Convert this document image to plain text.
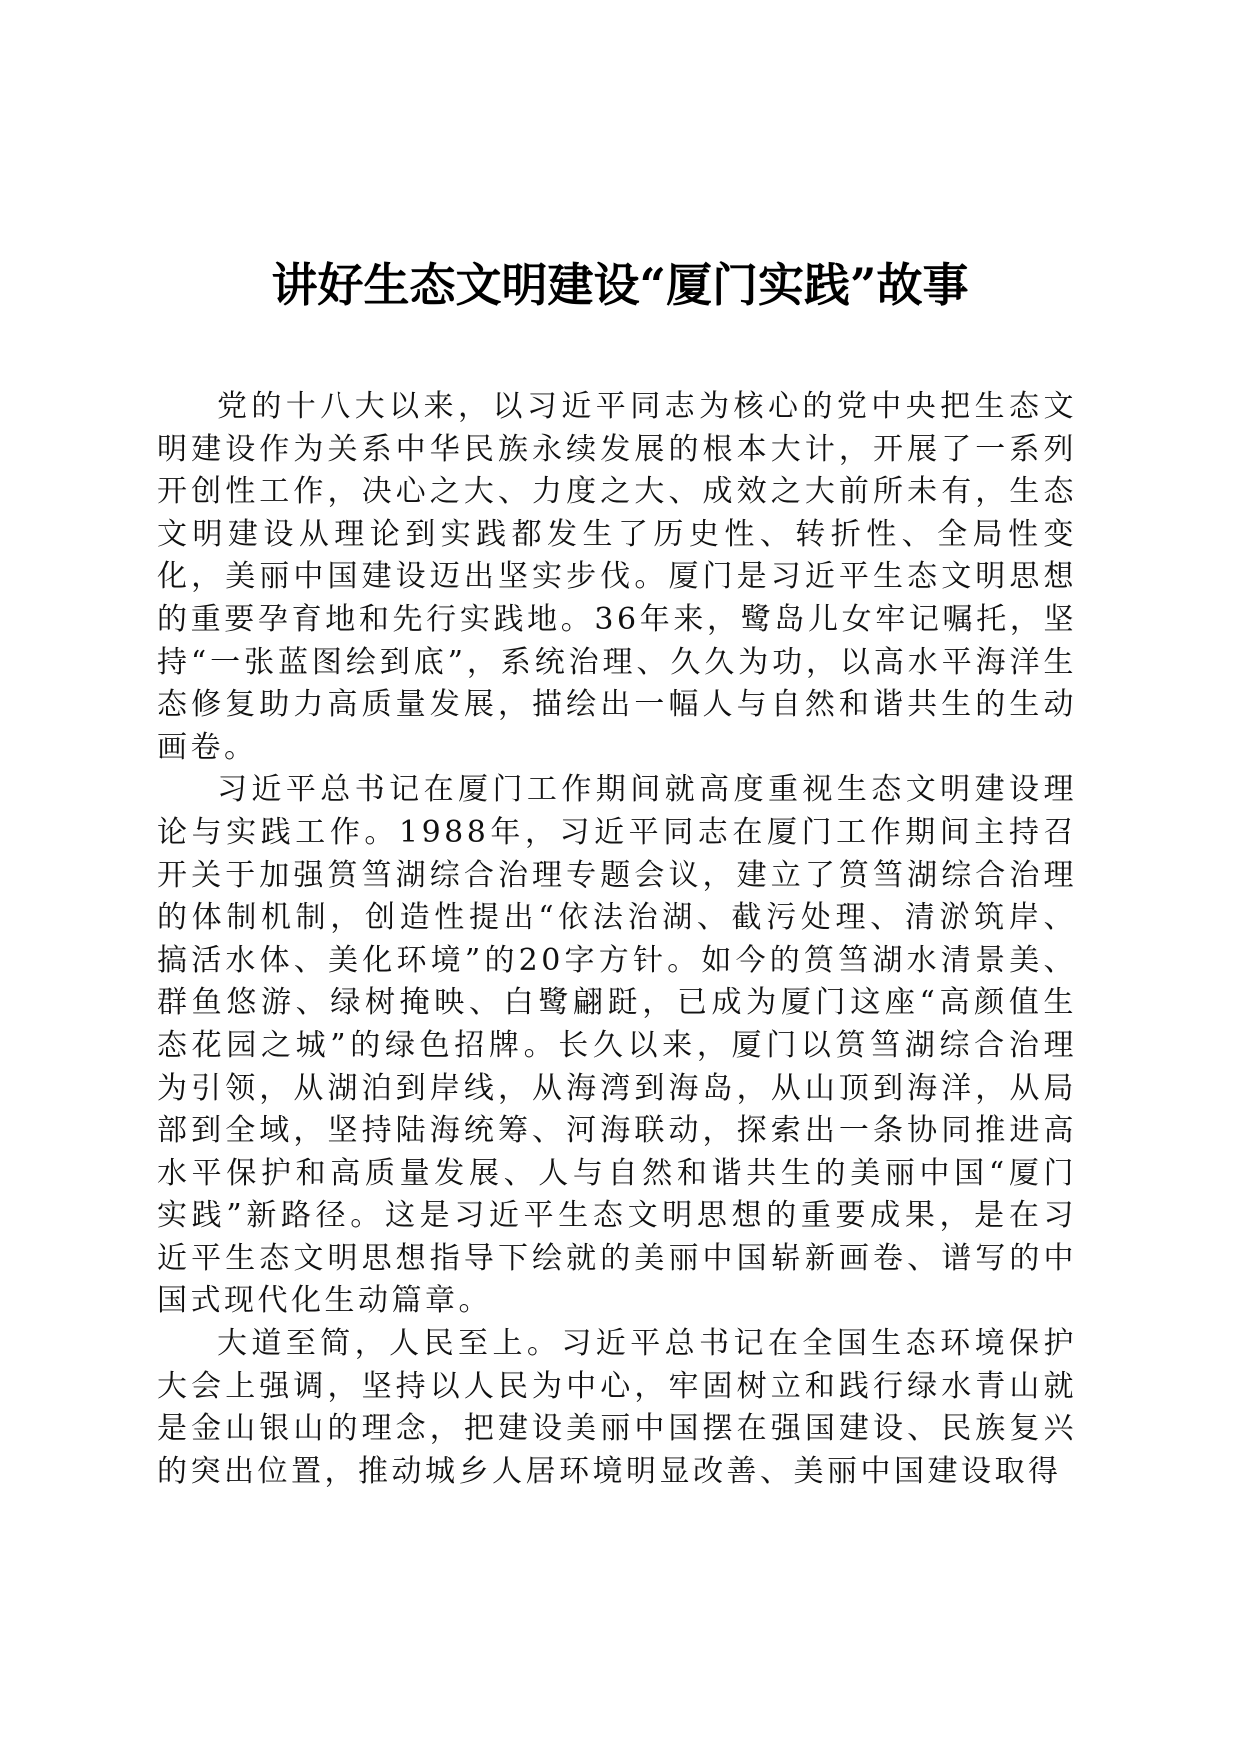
讲好生态文明建设“厦门实践”故事

党的十八大以来，以习近平同志为核心的党中央把生态文明建设作为关系中华民族永续发展的根本大计，开展了一系列开创性工作，决心之大、力度之大、成效之大前所未有，生态文明建设从理论到实践都发生了历史性、转折性、全局性变化，美丽中国建设迈出坚实步伐。厦门是习近平生态文明思想的重要孕育地和先行实践地。36年来，鹭岛儿女牢记嘱托，坚持“一张蓝图绘到底”，系统治理、久久为功，以高水平海洋生态修复助力高质量发展，描绘出一幅人与自然和谐共生的生动画卷。

习近平总书记在厦门工作期间就高度重视生态文明建设理论与实践工作。1988年，习近平同志在厦门工作期间主持召开关于加强筼筜湖综合治理专题会议，建立了筼筜湖综合治理的体制机制，创造性提出“依法治湖、截污处理、清淤筑岸、搞活水体、美化环境”的20字方针。如今的筼筜湖水清景美、群鱼悠游、绿树掩映、白鹭翩跹，已成为厦门这座“高颜值生态花园之城”的绿色招牌。长久以来，厦门以筼筜湖综合治理为引领，从湖泊到岸线，从海湾到海岛，从山顶到海洋，从局部到全域，坚持陆海统筹、河海联动，探索出一条协同推进高水平保护和高质量发展、人与自然和谐共生的美丽中国“厦门实践”新路径。这是习近平生态文明思想的重要成果，是在习近平生态文明思想指导下绘就的美丽中国崭新画卷、谱写的中国式现代化生动篇章。

大道至简，人民至上。习近平总书记在全国生态环境保护大会上强调，坚持以人民为中心，牢固树立和践行绿水青山就是金山银山的理念，把建设美丽中国摆在强国建设、民族复兴的突出位置，推动城乡人居环境明显改善、美丽中国建设取得
